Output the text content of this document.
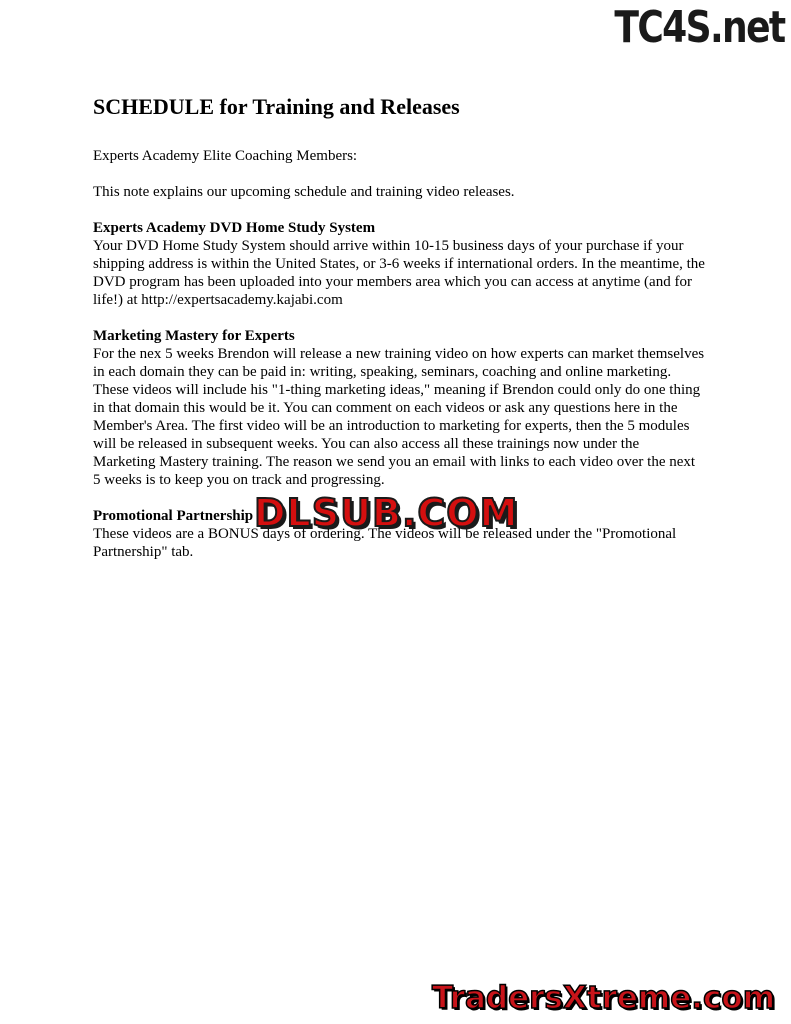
SCHEDULE for Training and Releases

Experts Academy Elite Coaching Members:

This note explains our upcoming schedule and training video releases.

Experts Academy DVD Home Study System

Your DVD Home Study System should arrive within 10-15 business days of your purchase if your shipping address is within the United States, or 3-6 weeks if international orders. In the meantime, the DVD program has been uploaded into your members area which you can access at anytime (and for life!) at http://expertsacademy.kajabi.com

Marketing Mastery for Experts

For the nex 5 weeks Brendon will release a new training video on how experts can market themselves in each domain they can be paid in: writing, speaking, seminars, coaching and online marketing. These videos will include his "1-thing marketing ideas," meaning if Brendon could only do one thing in that domain this would be it. You can comment on each videos or ask any questions here in the Member's Area. The first video will be an introduction to marketing for experts, then the 5 modules will be released in subsequent weeks. You can also access all these trainings now under the Marketing Mastery training. The reason we send you an email with links to each video over the next 5 weeks is to keep you on track and progressing.

Promotional Partnership

These videos are a BONUS days of ordering. The videos will be released under the "Promotional Partnership" tab.

TC4S.net
DLSUB.COM
TradersXtreme.com
